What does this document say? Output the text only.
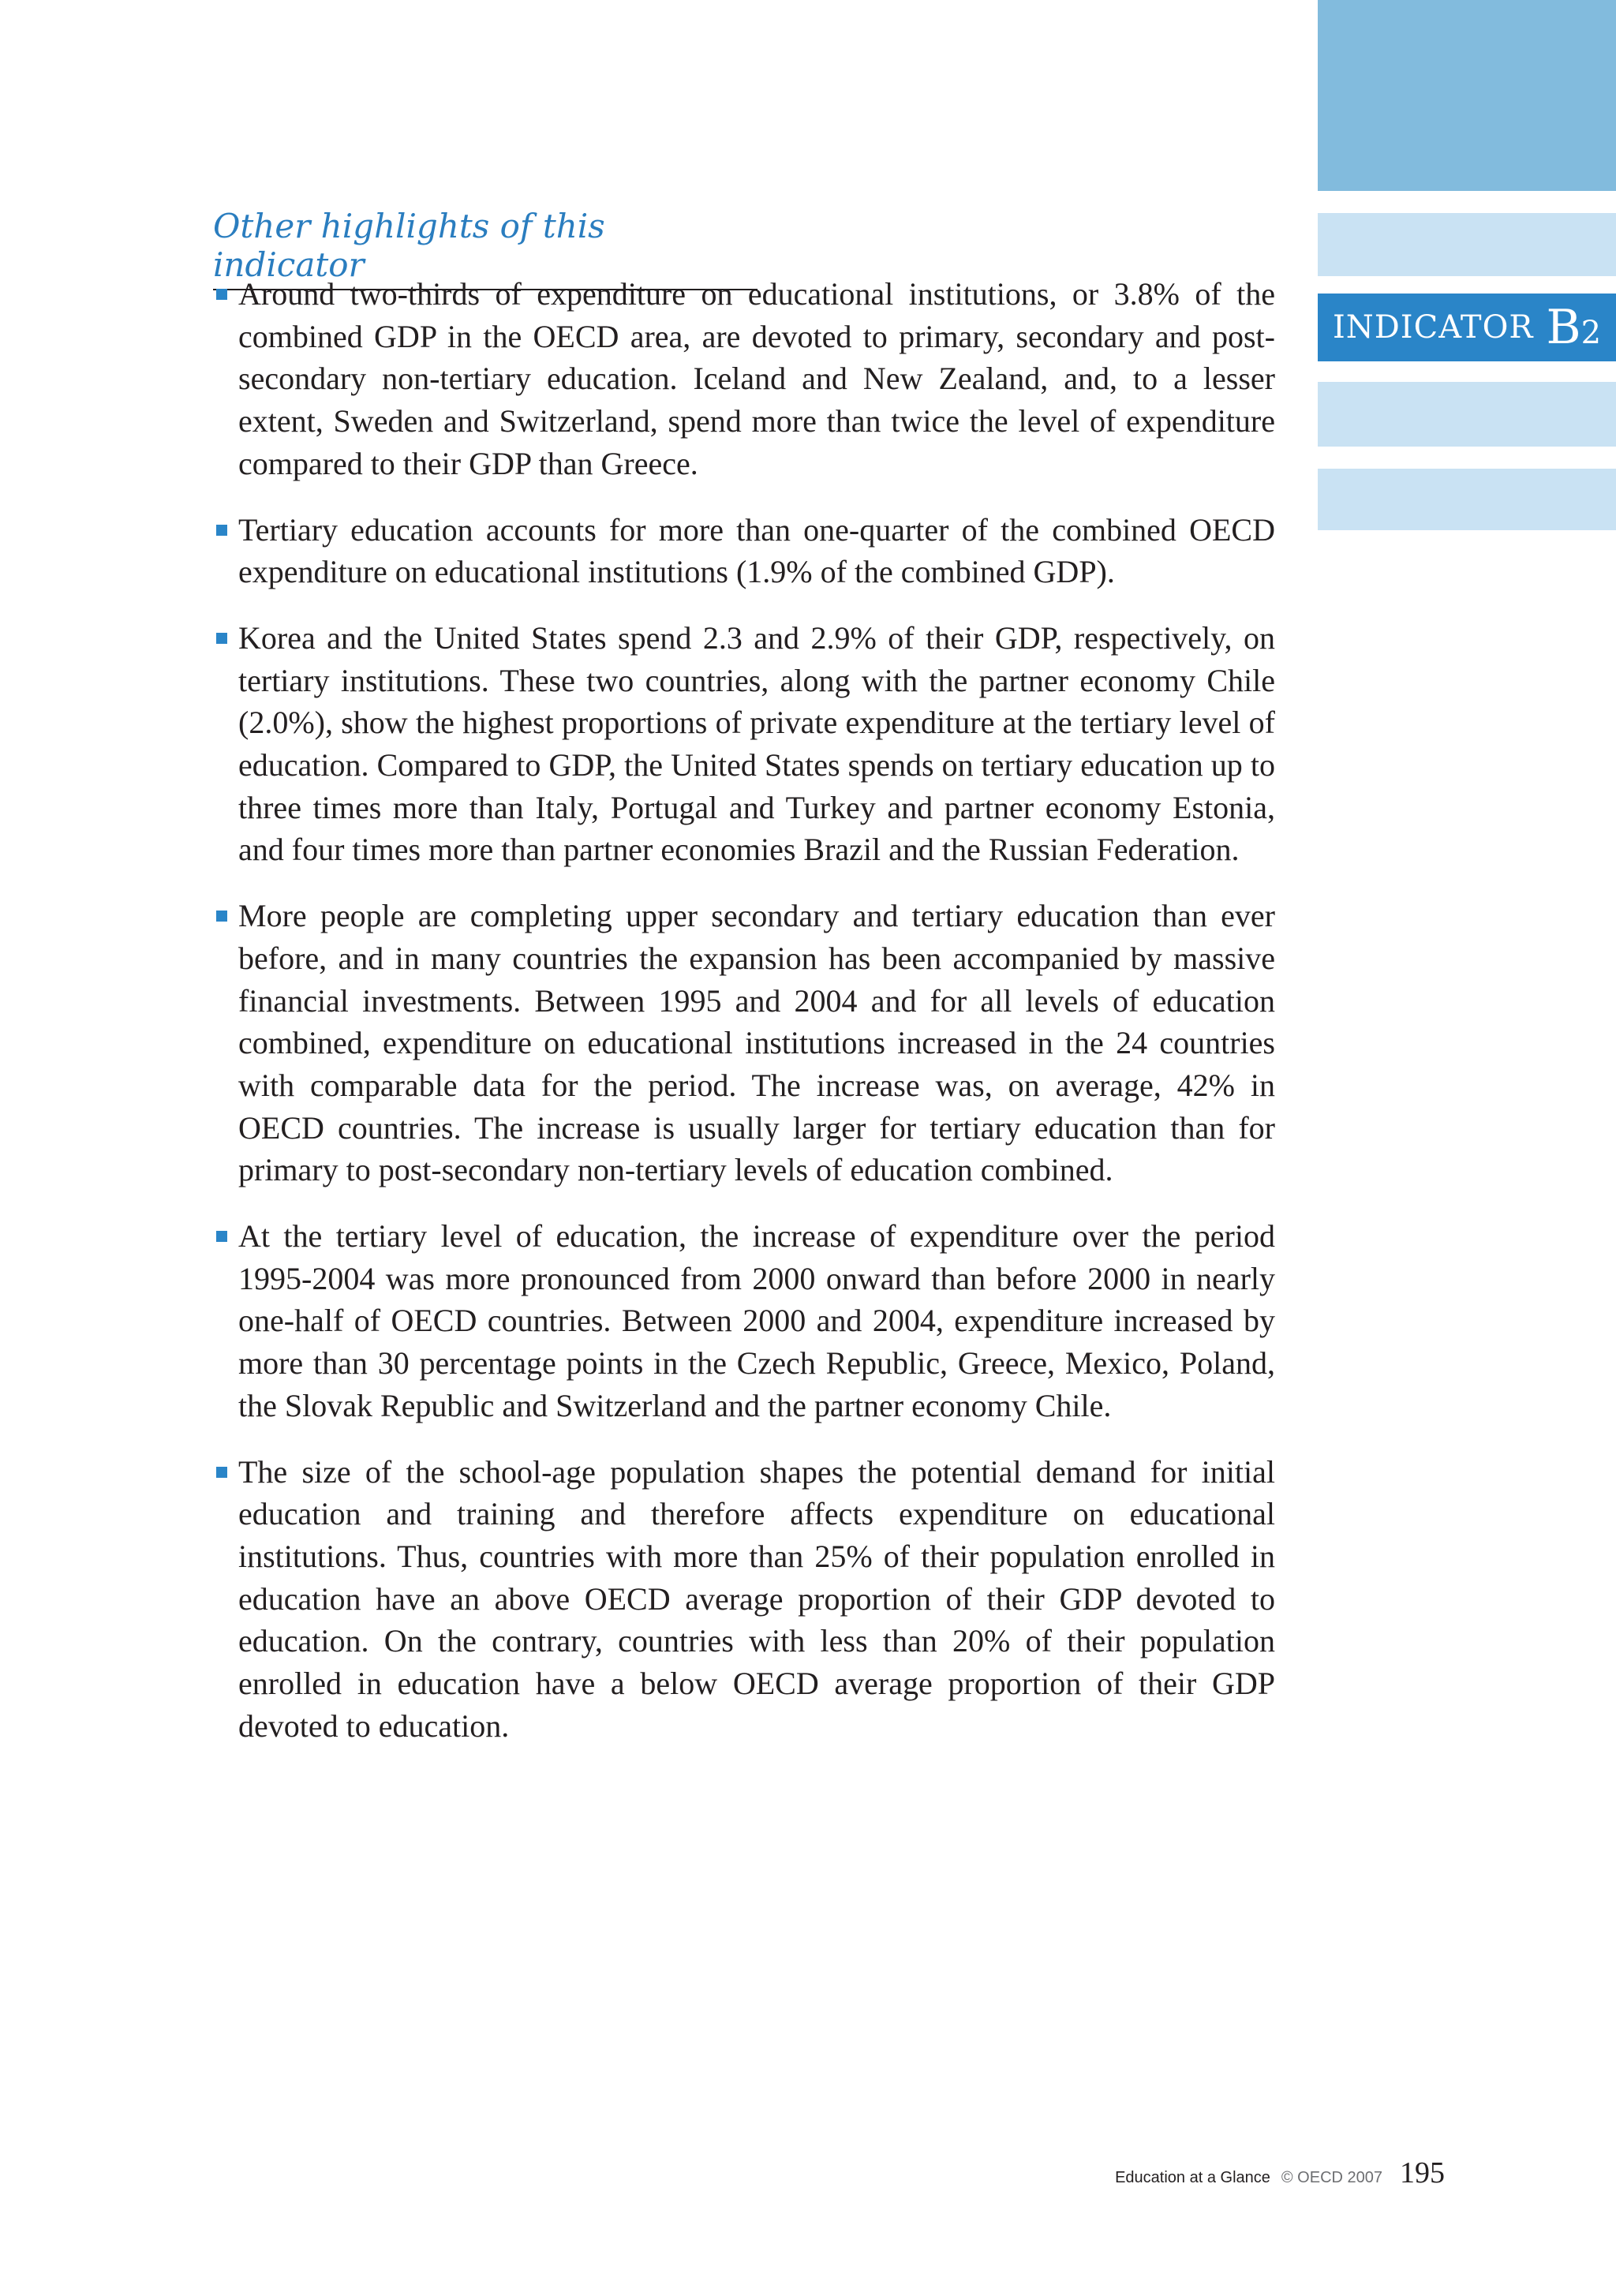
INDICATOR B2
Other highlights of this indicator

Around two-thirds of expenditure on educational institutions, or 3.8% of the combined GDP in the OECD area, are devoted to primary, secondary and post-secondary non-tertiary education. Iceland and New Zealand, and, to a lesser extent, Sweden and Switzerland, spend more than twice the level of expenditure compared to their GDP than Greece.

Tertiary education accounts for more than one-quarter of the combined OECD expenditure on educational institutions (1.9% of the combined GDP).

Korea and the United States spend 2.3 and 2.9% of their GDP, respectively, on tertiary institutions. These two countries, along with the partner economy Chile (2.0%), show the highest proportions of private expenditure at the tertiary level of education. Compared to GDP, the United States spends on tertiary education up to three times more than Italy, Portugal and Turkey and partner economy Estonia, and four times more than partner economies Brazil and the Russian Federation.

More people are completing upper secondary and tertiary education than ever before, and in many countries the expansion has been accompanied by massive financial investments. Between 1995 and 2004 and for all levels of education combined, expenditure on educational institutions increased in the 24 countries with comparable data for the period. The increase was, on average, 42% in OECD countries. The increase is usually larger for tertiary education than for primary to post-secondary non-tertiary levels of education combined.

At the tertiary level of education, the increase of expenditure over the period 1995-2004 was more pronounced from 2000 onward than before 2000 in nearly one-half of OECD countries. Between 2000 and 2004, expenditure increased by more than 30 percentage points in the Czech Republic, Greece, Mexico, Poland, the Slovak Republic and Switzerland and the partner economy Chile.

The size of the school-age population shapes the potential demand for initial education and training and therefore affects expenditure on educational institutions. Thus, countries with more than 25% of their population enrolled in education have an above OECD average proportion of their GDP devoted to education. On the contrary, countries with less than 20% of their population enrolled in education have a below OECD average proportion of their GDP devoted to education.

Education at a Glance © OECD 2007 195
